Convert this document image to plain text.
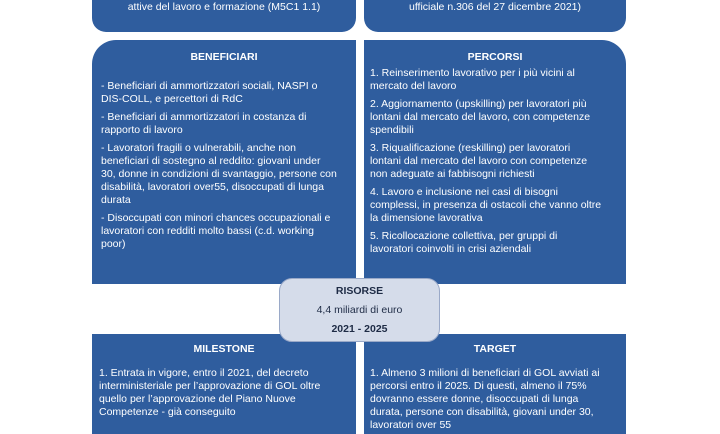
attive del lavoro e formazione (M5C1 1.1)	
ufficiale n.306 del 27 dicembre 2021)
BENEFICIARI
- Beneficiari di ammortizzatori sociali, NASPI o
DIS-COLL, e percettori di RdC
- Beneficiari di ammortizzatori in costanza di
rapporto di lavoro
- Lavoratori fragili o vulnerabili, anche non
beneficiari di sostegno al reddito: giovani under
30, donne in condizioni di svantaggio, persone con
disabilità, lavoratori over55, disoccupati di lunga
durata
- Disoccupati con minori chances occupazionali e
lavoratori con redditi molto bassi (c.d. working
poor)
PERCORSI
1. Reinserimento lavorativo per i più vicini al
mercato del lavoro
2. Aggiornamento (upskilling) per lavoratori più
lontani dal mercato del lavoro, con competenze
spendibili
3. Riqualificazione (reskilling) per lavoratori
lontani dal mercato del lavoro con competenze
non adeguate ai fabbisogni richiesti
4. Lavoro e inclusione nei casi di bisogni
complessi, in presenza di ostacoli che vanno oltre
la dimensione lavorativa
5. Ricollocazione collettiva, per gruppi di
lavoratori coinvolti in crisi aziendali
MILESTONE
1. Entrata in vigore, entro il 2021, del decreto
interministeriale per l’approvazione di GOL oltre
quello per l’approvazione del Piano Nuove
Competenze - già conseguito
TARGET
1. Almeno 3 milioni di beneficiari di GOL avviati ai
percorsi entro il 2025. Di questi, almeno il 75%
dovranno essere donne, disoccupati di lunga
durata, persone con disabilità, giovani under 30,
lavoratori over 55
RISORSE
4,4 miliardi di euro
2021 - 2025
